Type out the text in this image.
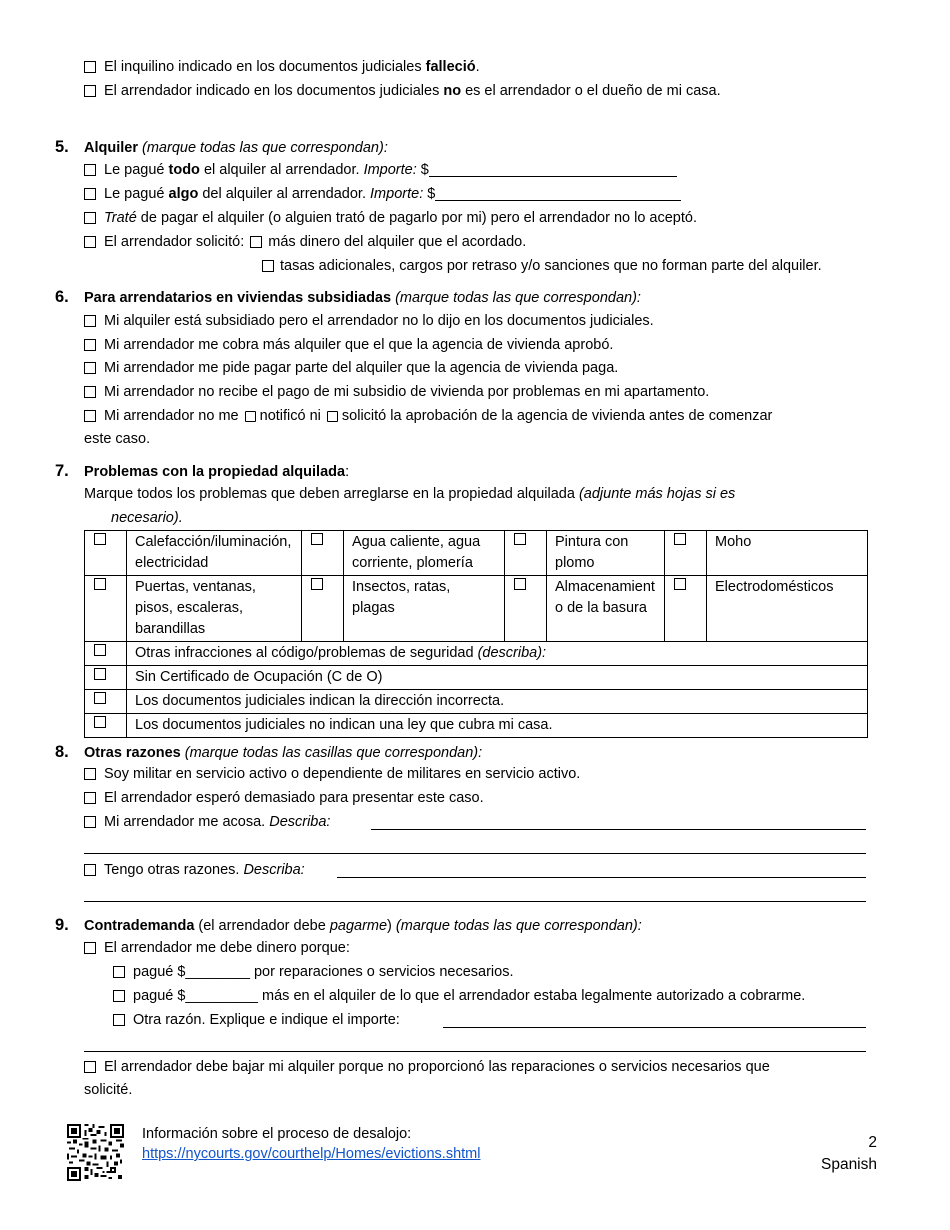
El inquilino indicado en los documentos judiciales falleció.
El arrendador indicado en los documentos judiciales no es el arrendador o el dueño de mi casa.
5. Alquiler (marque todas las que correspondan):
Le pagué todo el alquiler al arrendador. Importe: $
Le pagué algo del alquiler al arrendador. Importe: $
Traté de pagar el alquiler (o alguien trató de pagarlo por mi) pero el arrendador no lo aceptó.
El arrendador solicitó: más dinero del alquiler que el acordado.
tasas adicionales, cargos por retraso y/o sanciones que no forman parte del alquiler.
6. Para arrendatarios en viviendas subsidiadas (marque todas las que correspondan):
Mi alquiler está subsidiado pero el arrendador no lo dijo en los documentos judiciales.
Mi arrendador me cobra más alquiler que el que la agencia de vivienda aprobó.
Mi arrendador me pide pagar parte del alquiler que la agencia de vivienda paga.
Mi arrendador no recibe el pago de mi subsidio de vivienda por problemas en mi apartamento.
Mi arrendador no me notificó ni solicitó la aprobación de la agencia de vivienda antes de comenzar
este caso.
7. Problemas con la propiedad alquilada:
Marque todos los problemas que deben arreglarse en la propiedad alquilada (adjunte más hojas si es
necesario).
	Calefacción/iluminación, electricidad		Agua caliente, agua corriente, plomería		Pintura con plomo		Moho
	Puertas, ventanas, pisos, escaleras, barandillas		Insectos, ratas, plagas		Almacenamiento de la basura		Electrodomésticos
	Otras infracciones al código/problemas de seguridad (describa):						
	Sin Certificado de Ocupación (C de O)						
	Los documentos judiciales indican la dirección incorrecta.						
	Los documentos judiciales no indican una ley que cubra mi casa.						
8. Otras razones (marque todas las casillas que correspondan):
Soy militar en servicio activo o dependiente de militares en servicio activo.
El arrendador esperó demasiado para presentar este caso.
Mi arrendador me acosa. Describa:
Tengo otras razones. Describa:
9. Contrademanda (el arrendador debe pagarme) (marque todas las que correspondan):
El arrendador me debe dinero porque:
pagué $________ por reparaciones o servicios necesarios.
pagué $_________ más en el alquiler de lo que el arrendador estaba legalmente autorizado a cobrarme.
Otra razón. Explique e indique el importe:
El arrendador debe bajar mi alquiler porque no proporcionó las reparaciones o servicios necesarios que
solicité.
Información sobre el proceso de desalojo:
https://nycourts.gov/courthelp/Homes/evictions.shtml
2
Spanish
